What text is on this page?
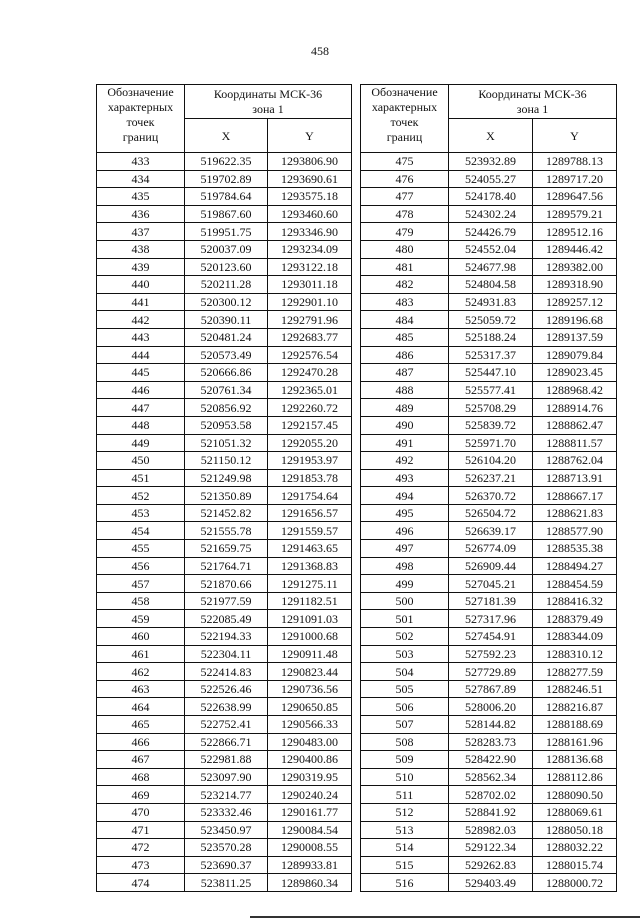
458
Обозначение
характерных
точек
границ	Координаты МСК-36
зона 1	

	X	Y
433	519622.35	1293806.90
434	519702.89	1293690.61
435	519784.64	1293575.18
436	519867.60	1293460.60
437	519951.75	1293346.90
438	520037.09	1293234.09
439	520123.60	1293122.18
440	520211.28	1293011.18
441	520300.12	1292901.10
442	520390.11	1292791.96
443	520481.24	1292683.77
444	520573.49	1292576.54
445	520666.86	1292470.28
446	520761.34	1292365.01
447	520856.92	1292260.72
448	520953.58	1292157.45
449	521051.32	1292055.20
450	521150.12	1291953.97
451	521249.98	1291853.78
452	521350.89	1291754.64
453	521452.82	1291656.57
454	521555.78	1291559.57
455	521659.75	1291463.65
456	521764.71	1291368.83
457	521870.66	1291275.11
458	521977.59	1291182.51
459	522085.49	1291091.03
460	522194.33	1291000.68
461	522304.11	1290911.48
462	522414.83	1290823.44
463	522526.46	1290736.56
464	522638.99	1290650.85
465	522752.41	1290566.33
466	522866.71	1290483.00
467	522981.88	1290400.86
468	523097.90	1290319.95
469	523214.77	1290240.24
470	523332.46	1290161.77
471	523450.97	1290084.54
472	523570.28	1290008.55
473	523690.37	1289933.81
474	523811.25	1289860.34
Обозначение
характерных
точек
границ	Координаты МСК-36
зона 1	

	X	Y
475	523932.89	1289788.13
476	524055.27	1289717.20
477	524178.40	1289647.56
478	524302.24	1289579.21
479	524426.79	1289512.16
480	524552.04	1289446.42
481	524677.98	1289382.00
482	524804.58	1289318.90
483	524931.83	1289257.12
484	525059.72	1289196.68
485	525188.24	1289137.59
486	525317.37	1289079.84
487	525447.10	1289023.45
488	525577.41	1288968.42
489	525708.29	1288914.76
490	525839.72	1288862.47
491	525971.70	1288811.57
492	526104.20	1288762.04
493	526237.21	1288713.91
494	526370.72	1288667.17
495	526504.72	1288621.83
496	526639.17	1288577.90
497	526774.09	1288535.38
498	526909.44	1288494.27
499	527045.21	1288454.59
500	527181.39	1288416.32
501	527317.96	1288379.49
502	527454.91	1288344.09
503	527592.23	1288310.12
504	527729.89	1288277.59
505	527867.89	1288246.51
506	528006.20	1288216.87
507	528144.82	1288188.69
508	528283.73	1288161.96
509	528422.90	1288136.68
510	528562.34	1288112.86
511	528702.02	1288090.50
512	528841.92	1288069.61
513	528982.03	1288050.18
514	529122.34	1288032.22
515	529262.83	1288015.74
516	529403.49	1288000.72
